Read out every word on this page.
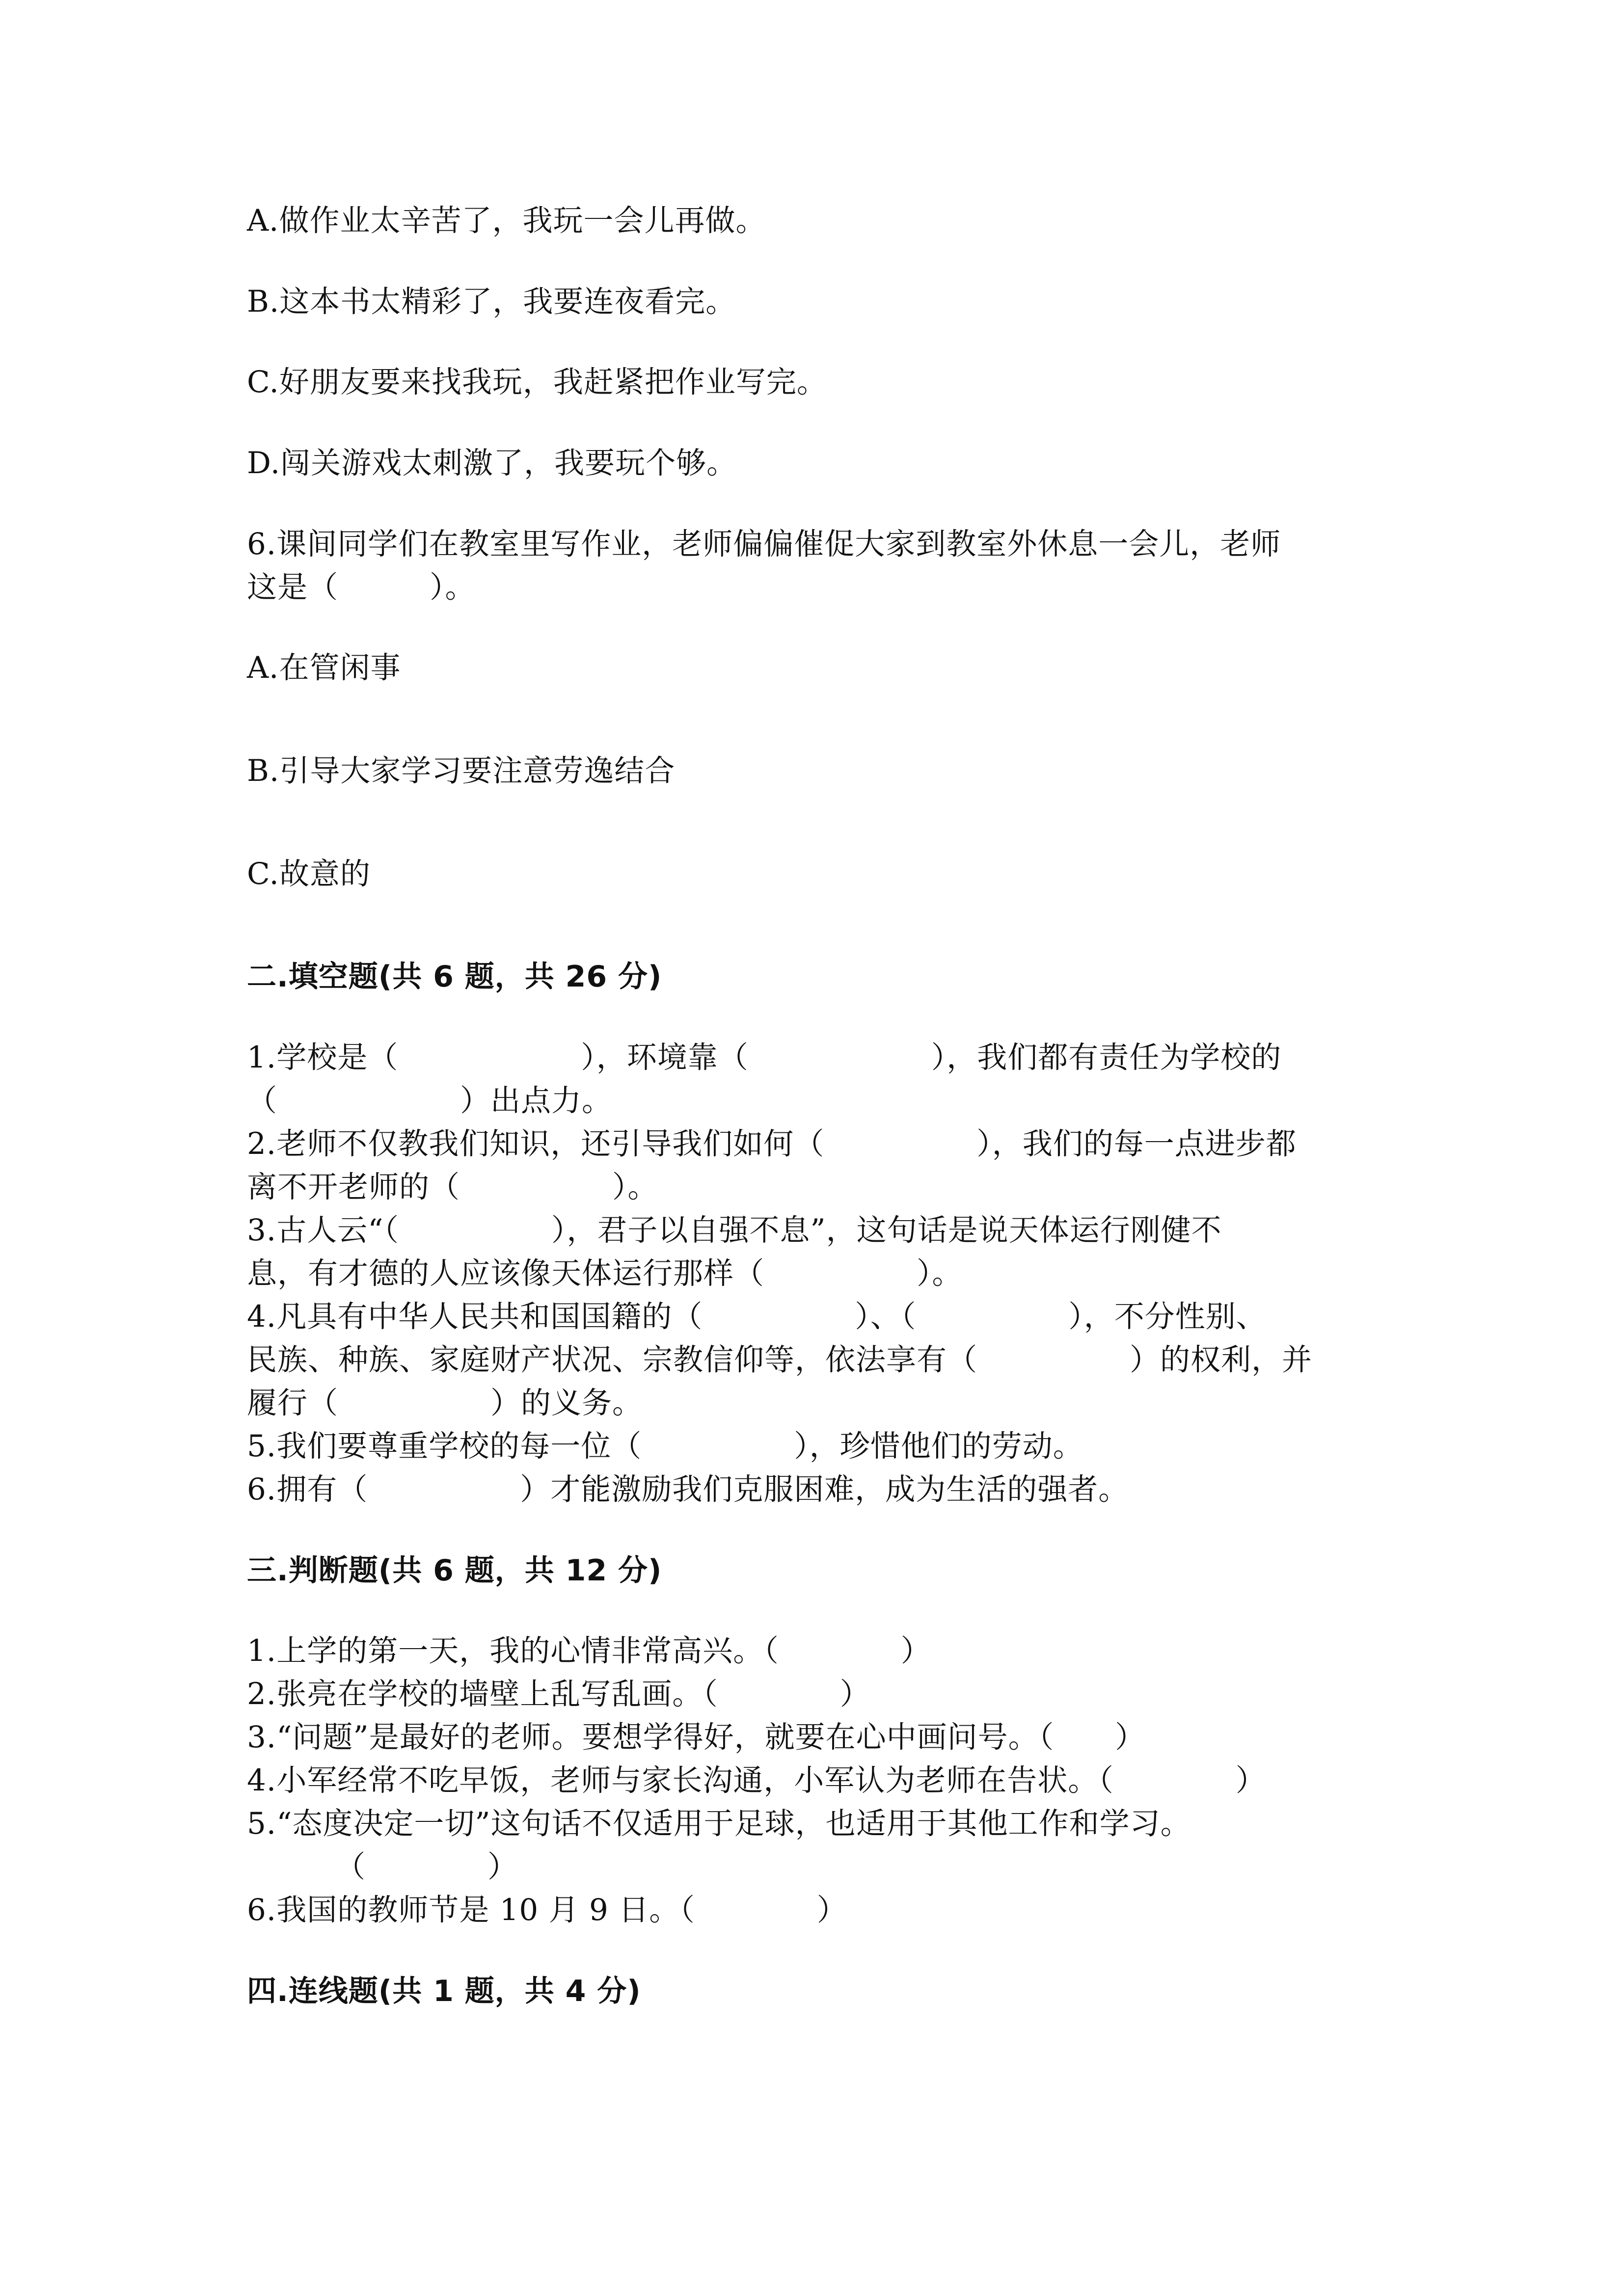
A.做作业太辛苦了，我玩一会儿再做。

B.这本书太精彩了，我要连夜看完。

C.好朋友要来找我玩，我赶紧把作业写完。

D.闯关游戏太刺激了，我要玩个够。

6.课间同学们在教室里写作业，老师偏偏催促大家到教室外休息一会儿，老师

这是（　　　）。

A.在管闲事

B.引导大家学习要注意劳逸结合

C.故意的

二.填空题(共 6 题，共 26 分)

1.学校是（　　　　　　），环境靠（　　　　　　），我们都有责任为学校的

（　　　　　　）出点力。

2.老师不仅教我们知识，还引导我们如何（　　　　　），我们的每一点进步都

离不开老师的（　　　　　）。

3.古人云“（　　　　　），君子以自强不息”，这句话是说天体运行刚健不

息，有才德的人应该像天体运行那样（　　　　　）。

4.凡具有中华人民共和国国籍的（　　　　　）、（　　　　　），不分性别、

民族、种族、家庭财产状况、宗教信仰等，依法享有（　　　　　）的权利，并

履行（　　　　　）的义务。

5.我们要尊重学校的每一位（　　　　　），珍惜他们的劳动。

6.拥有（　　　　　）才能激励我们克服困难，成为生活的强者。

三.判断题(共 6 题，共 12 分)

1.上学的第一天，我的心情非常高兴。（　　　　）

2.张亮在学校的墙壁上乱写乱画。（　　　　）

3.“问题”是最好的老师。要想学得好，就要在心中画问号。（　　）

4.小军经常不吃早饭，老师与家长沟通，小军认为老师在告状。（　　　　）

5.“态度决定一切”这句话不仅适用于足球，也适用于其他工作和学习。

（　　　　）

6.我国的教师节是 10 月 9 日。（　　　　）

四.连线题(共 1 题，共 4 分)
